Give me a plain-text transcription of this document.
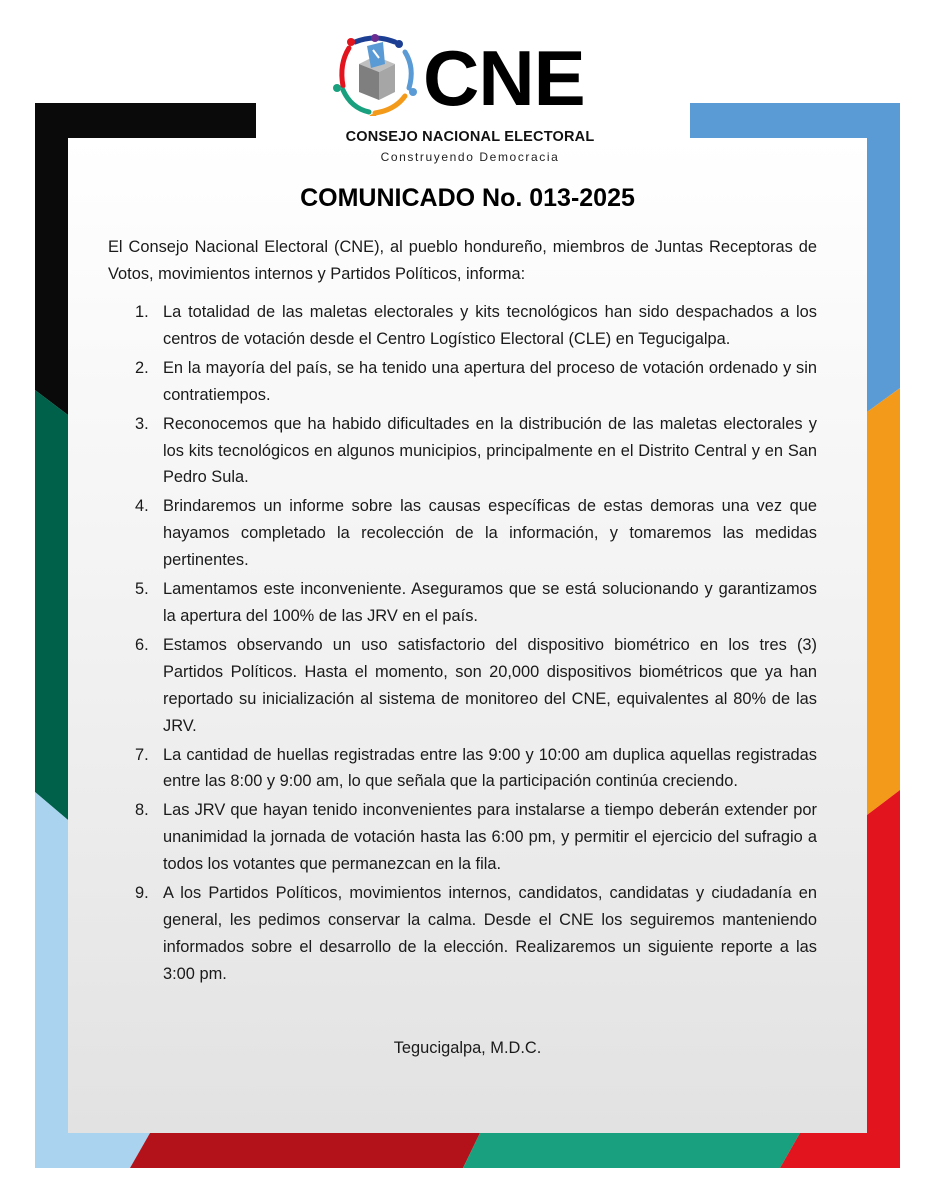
CNE
CONSEJO NACIONAL ELECTORAL
Construyendo Democracia
COMUNICADO No. 013-2025

El Consejo Nacional Electoral (CNE), al pueblo hondureño, miembros de Juntas Receptoras de Votos, movimientos internos y Partidos Políticos, informa:

1. La totalidad de las maletas electorales y kits tecnológicos han sido despachados a los centros de votación desde el Centro Logístico Electoral (CLE) en Tegucigalpa.
2. En la mayoría del país, se ha tenido una apertura del proceso de votación ordenado y sin contratiempos.
3. Reconocemos que ha habido dificultades en la distribución de las maletas electorales y los kits tecnológicos en algunos municipios, principalmente en el Distrito Central y en San Pedro Sula.
4. Brindaremos un informe sobre las causas específicas de estas demoras una vez que hayamos completado la recolección de la información, y tomaremos las medidas pertinentes.
5. Lamentamos este inconveniente. Aseguramos que se está solucionando y garantizamos la apertura del 100% de las JRV en el país.
6. Estamos observando un uso satisfactorio del dispositivo biométrico en los tres (3) Partidos Políticos. Hasta el momento, son 20,000 dispositivos biométricos que ya han reportado su inicialización al sistema de monitoreo del CNE, equivalentes al 80% de las JRV.
7. La cantidad de huellas registradas entre las 9:00 y 10:00 am duplica aquellas registradas entre las 8:00 y 9:00 am, lo que señala que la participación continúa creciendo.
8. Las JRV que hayan tenido inconvenientes para instalarse a tiempo deberán extender por unanimidad la jornada de votación hasta las 6:00 pm, y permitir el ejercicio del sufragio a todos los votantes que permanezcan en la fila.
9. A los Partidos Políticos, movimientos internos, candidatos, candidatas y ciudadanía en general, les pedimos conservar la calma. Desde el CNE los seguiremos manteniendo informados sobre el desarrollo de la elección. Realizaremos un siguiente reporte a las 3:00 pm.
Tegucigalpa, M.D.C.
